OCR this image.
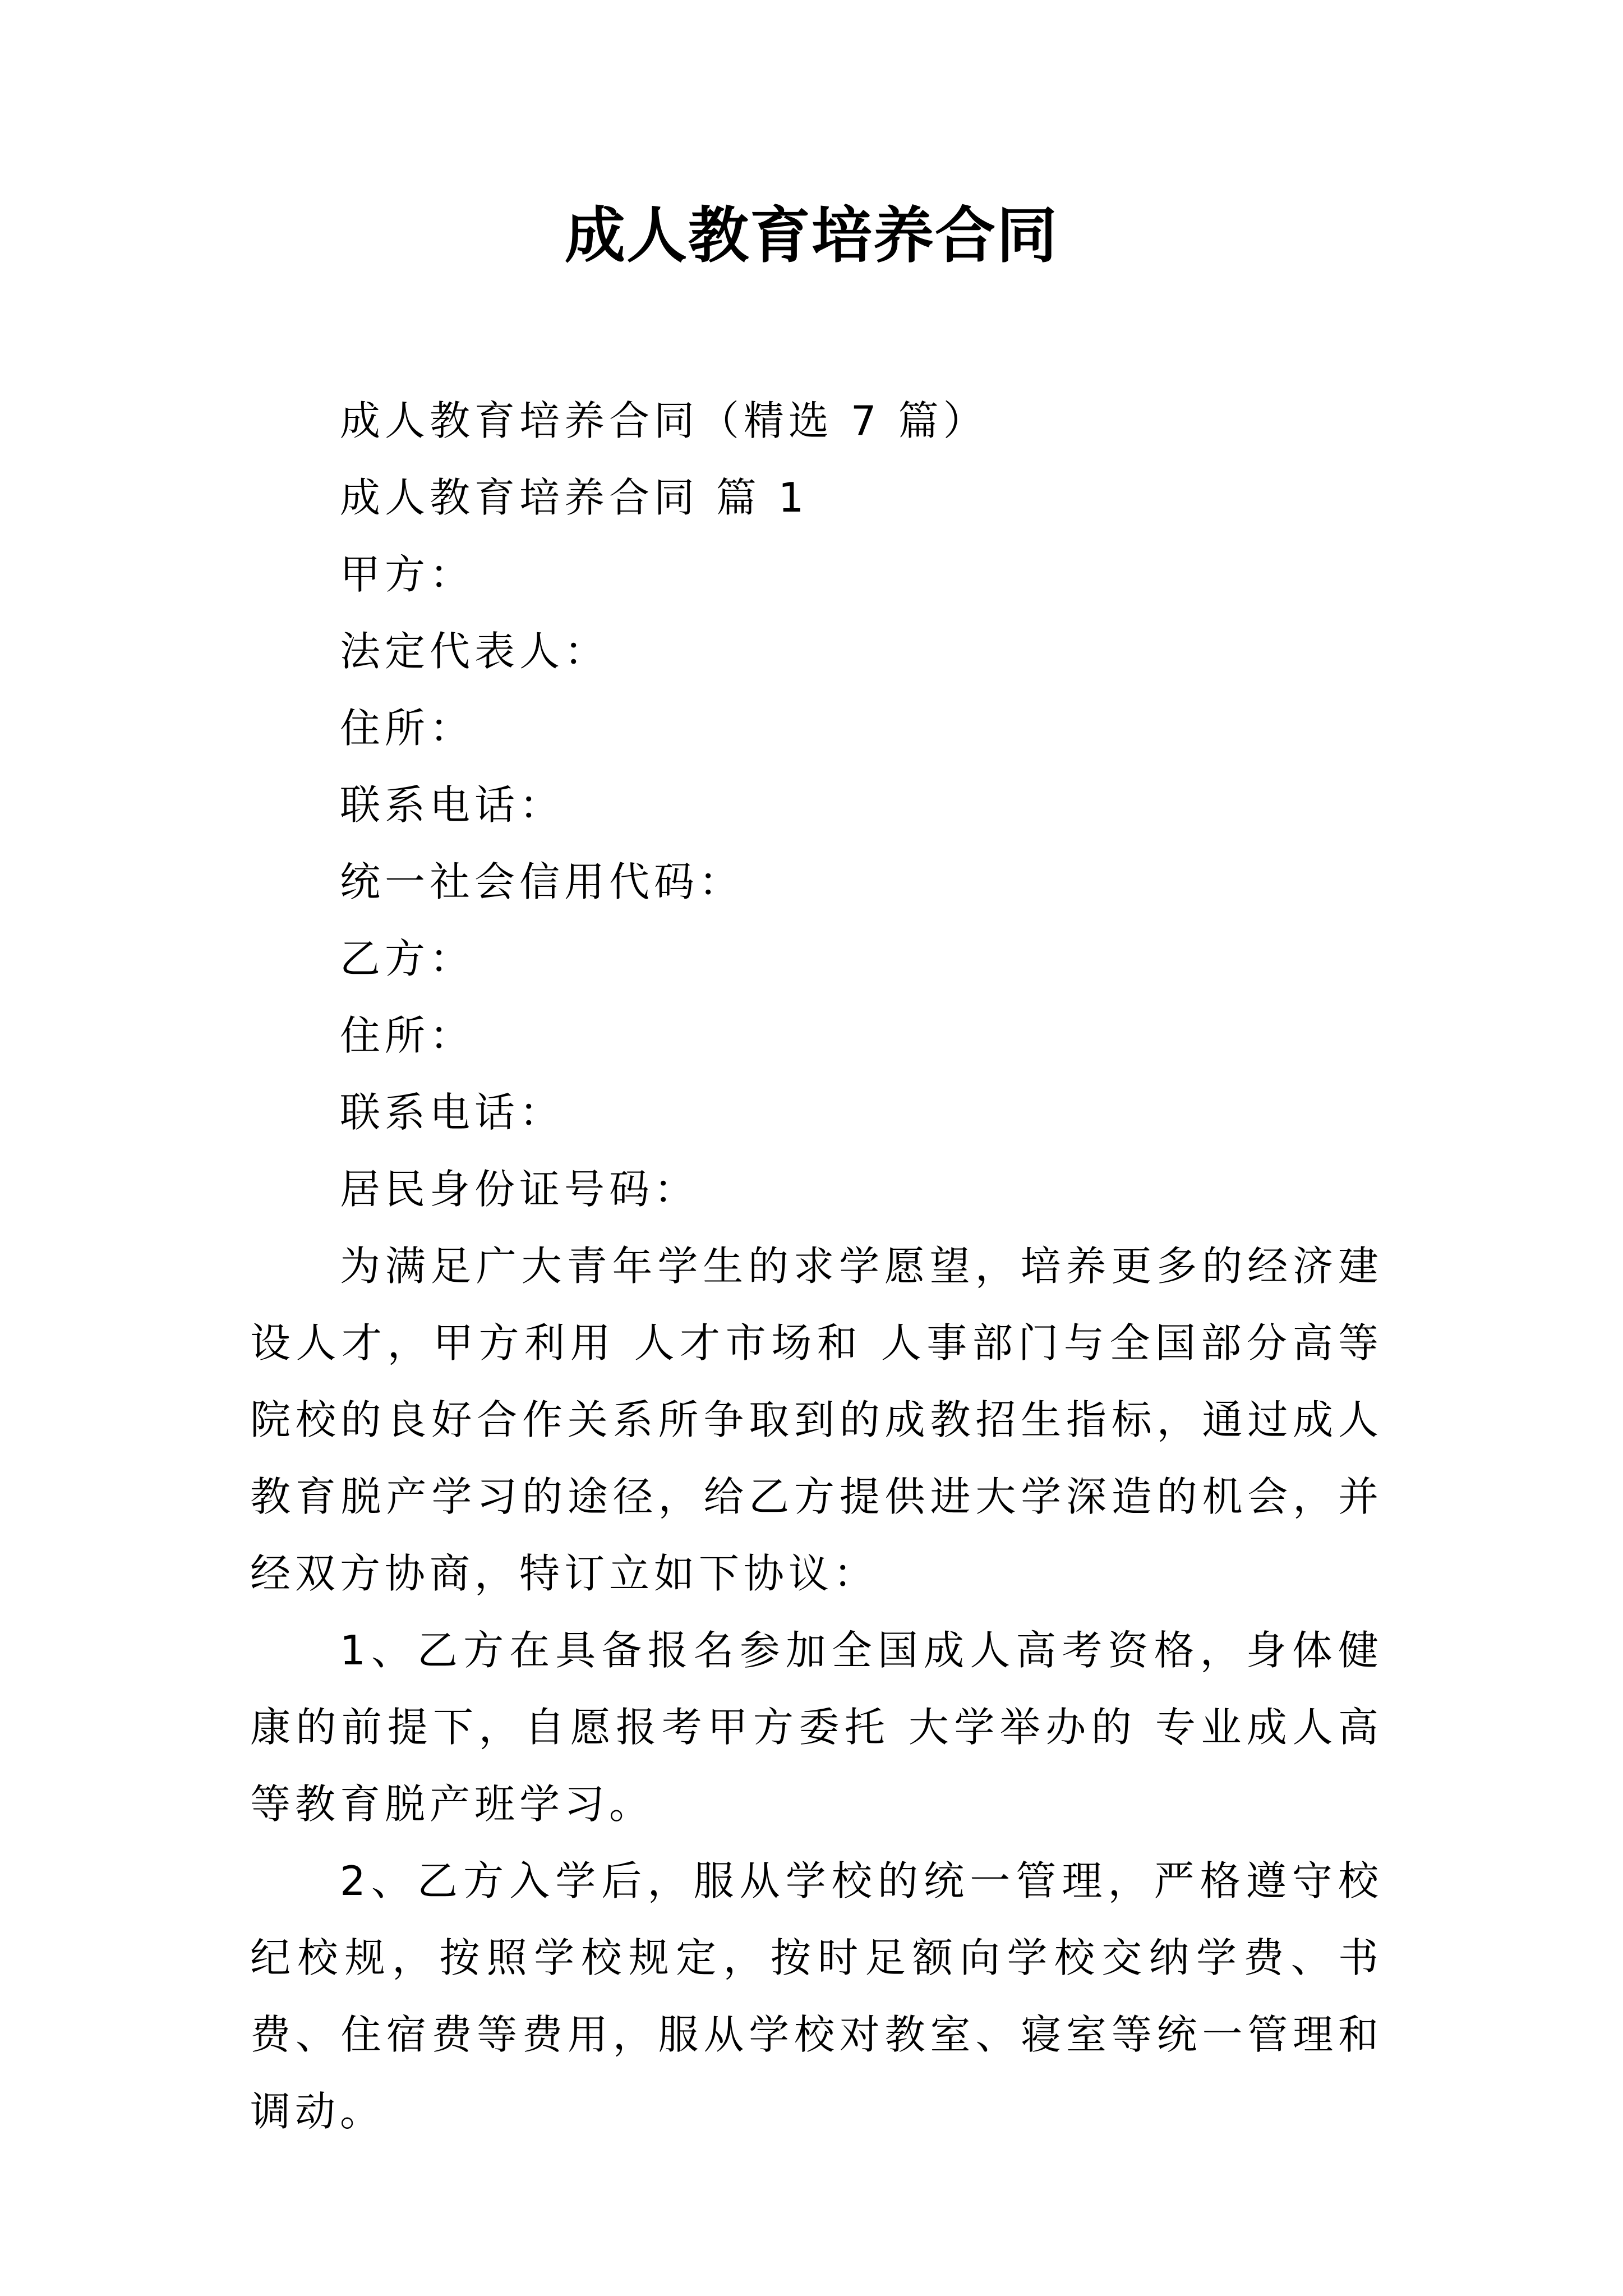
成人教育培养合同

成人教育培养合同（精选 7 篇）

成人教育培养合同 篇 1

甲方：

法定代表人：

住所：

联系电话：

统一社会信用代码：

乙方：

住所：

联系电话：

居民身份证号码：

为满足广大青年学生的求学愿望，培养更多的经济建设人才，甲方利用 人才市场和 人事部门与全国部分高等院校的良好合作关系所争取到的成教招生指标，通过成人教育脱产学习的途径，给乙方提供进大学深造的机会，并经双方协商，特订立如下协议：

1、乙方在具备报名参加全国成人高考资格，身体健康的前提下，自愿报考甲方委托 大学举办的 专业成人高等教育脱产班学习。

2、乙方入学后，服从学校的统一管理，严格遵守校纪校规，按照学校规定，按时足额向学校交纳学费、书费、住宿费等费用，服从学校对教室、寝室等统一管理和调动。
